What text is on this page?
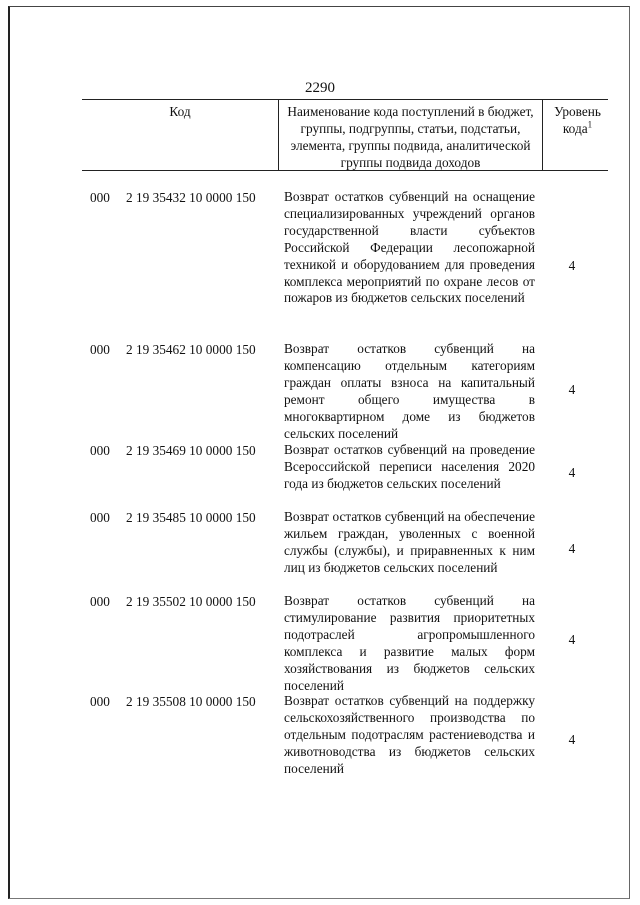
2290
Код	Наименование кода поступлений в бюджет, группы, подгруппы, статьи, подстатьи, элемента, группы подвида, аналитической группы подвида доходов
Уровень кода$^1$
000 2 19 35432 10 0000 150 Возврат остатков субвенций на оснащение специализированных учреждений органов государственной власти субъектов Российской Федерации лесопожарной техникой и оборудованием для проведения комплекса мероприятий по охране лесов от пожаров из бюджетов сельских поселений
4
000 2 19 35462 10 0000 150 Возврат остатков субвенций на компенсацию отдельным категориям граждан оплаты взноса на капитальный ремонт общего имущества в многоквартирном доме из бюджетов сельских поселений
4
000 2 19 35469 10 0000 150 Возврат остатков субвенций на проведение Всероссийской переписи населения 2020 года из бюджетов сельских поселений
4
000 2 19 35485 10 0000 150 Возврат остатков субвенций на обеспечение жильем граждан, уволенных с военной службы (службы), и приравненных к ним лиц из бюджетов сельских поселений
4
000 2 19 35502 10 0000 150 Возврат остатков субвенций на стимулирование развития приоритетных подотраслей агропромышленного комплекса и развитие малых форм хозяйствования из бюджетов сельских поселений
4
000 2 19 35508 10 0000 150 Возврат остатков субвенций на поддержку сельскохозяйственного производства по отдельным подотраслям растениеводства и животноводства из бюджетов сельских поселений
4
